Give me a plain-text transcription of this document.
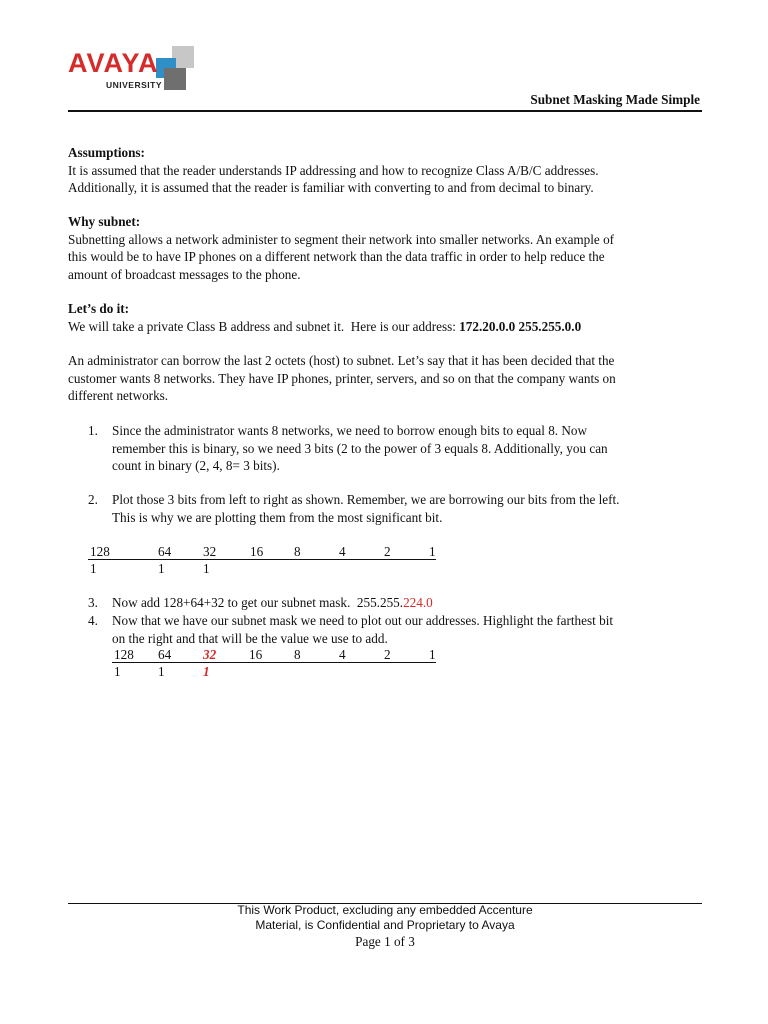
AVAYA
UNIVERSITY
Subnet Masking Made Simple
Assumptions:
It is assumed that the reader understands IP addressing and how to recognize Class A/B/C addresses.
Additionally, it is assumed that the reader is familiar with converting to and from decimal to binary.
Why subnet:
Subnetting allows a network administer to segment their network into smaller networks. An example of
this would be to have IP phones on a different network than the data traffic in order to help reduce the
amount of broadcast messages to the phone.
Let’s do it:
We will take a private Class B address and subnet it.  Here is our address: 172.20.0.0 255.255.0.0
An administrator can borrow the last 2 octets (host) to subnet. Let’s say that it has been decided that the
customer wants 8 networks. They have IP phones, printer, servers, and so on that the company wants on
different networks.
1. Since the administrator wants 8 networks, we need to borrow enough bits to equal 8. Now
remember this is binary, so we need 3 bits (2 to the power of 3 equals 8. Additionally, you can
count in binary (2, 4, 8= 3 bits).
2. Plot those 3 bits from left to right as shown. Remember, we are borrowing our bits from the left.
This is why we are plotting them from the most significant bit.
128	64 32	16 8	4	2	1
1	1	1
3. Now add 128+64+32 to get our subnet mask.  255.255.224.0
4. Now that we have our subnet mask we need to plot out our addresses. Highlight the farthest bit
on the right and that will be the value we use to add.
128 64 32 16 8	4	2	1
1	1	1
This Work Product, excluding any embedded Accenture
Material, is Confidential and Proprietary to Avaya
Page 1 of 3
